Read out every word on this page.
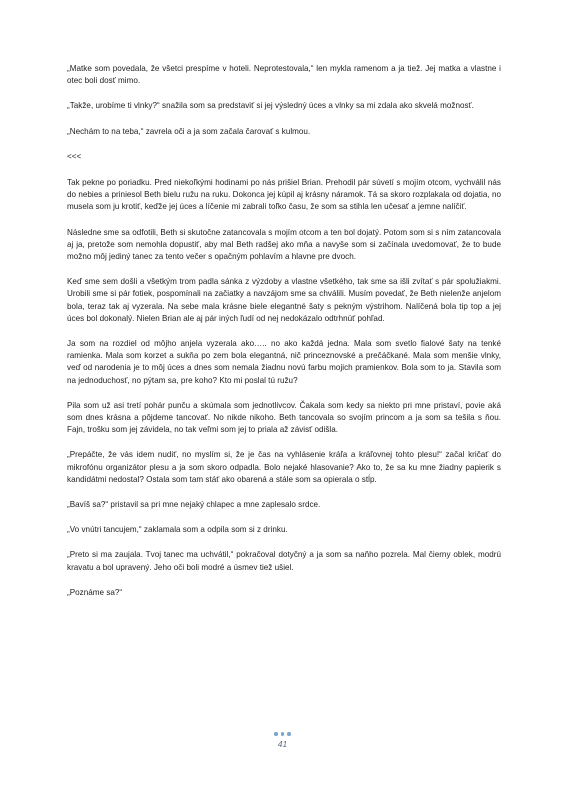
„Matke som povedala, že všetci prespíme v hoteli. Neprotestovala,“ len mykla ramenom a ja tiež. Jej matka a vlastne i otec boli dosť mimo.

„Takže, urobíme ti vlnky?“ snažila som sa predstaviť si jej výsledný úces a vlnky sa mi zdala ako skvelá možnosť.

„Nechám to na teba,“ zavrela oči a ja som začala čarovať s kulmou.

<<<

Tak pekne po poriadku. Pred niekoľkými hodinami po nás prišiel Brian. Prehodil pár súvetí s mojím otcom, vychválil nás do nebies a priniesol Beth bielu ružu na ruku. Dokonca jej kúpil aj krásny náramok. Tá sa skoro rozplakala od dojatia, no musela som ju krotiť, keďže jej úces a líčenie mi zabrali toľko času, že som sa stihla len učesať a jemne nalíčiť.

Následne sme sa odfotili, Beth si skutočne zatancovala s mojím otcom a ten bol dojatý. Potom som si s ním zatancovala aj ja, pretože som nemohla dopustiť, aby mal Beth radšej ako mňa a navyše som si začínala uvedomovať, že to bude možno môj jediný tanec za tento večer s opačným pohlavím a hlavne pre dvoch.

Keď sme sem došli a všetkým trom padla sánka z výzdoby a vlastne všetkého, tak sme sa išli zvítať s pár spolužiakmi. Urobili sme si pár fotiek, pospomínali na začiatky a navzájom sme sa chválili. Musím povedať, že Beth nielenže anjelom bola, teraz tak aj vyzerala. Na sebe mala krásne biele elegantné šaty s pekným výstrihom. Nalíčená bola tip top a jej úces bol dokonalý. Nielen Brian ale aj pár iných ľudí od nej nedokázalo odtrhnúť pohľad.

Ja som na rozdiel od môjho anjela vyzerala ako….. no ako každá jedna. Mala som svetlo fialové šaty na tenké ramienka. Mala som korzet a sukňa po zem bola elegantná, nič princeznovské a prečáčkané. Mala som menšie vlnky, veď od narodenia je to môj úces a dnes som nemala žiadnu novú farbu mojich pramienkov. Bola som to ja. Stavila som na jednoduchosť, no pýtam sa, pre koho? Kto mi poslal tú ružu?

Pila som už asi tretí pohár punču a skúmala som jednotlivcov. Čakala som kedy sa niekto pri mne pristaví, povie aká som dnes krásna a pôjdeme tancovať. No nikde nikoho. Beth tancovala so svojím princom a ja som sa tešila s ňou. Fajn, trošku som jej závidela, no tak veľmi som jej to priala až závisť odišla.

„Prepáčte, že vás idem nudiť, no myslím si, že je čas na vyhlásenie kráľa a kráľovnej tohto plesu!“ začal kričať do mikrofónu organizátor plesu a ja som skoro odpadla. Bolo nejaké hlasovanie? Ako to, že sa ku mne žiadny papierik s kandidátmi nedostal? Ostala som tam stáť ako obarená a stále som sa opierala o stĺp.

„Bavíš sa?“ pristavil sa pri mne nejaký chlapec a mne zaplesalo srdce.

„Vo vnútri tancujem,“ zaklamala som a odpila som si z drinku.

„Preto si ma zaujala. Tvoj tanec ma uchvátil,“ pokračoval dotyčný a ja som sa naňho pozrela. Mal čierny oblek, modrú kravatu a bol upravený. Jeho oči boli modré a úsmev tiež ušiel.

„Poznáme sa?“

41
